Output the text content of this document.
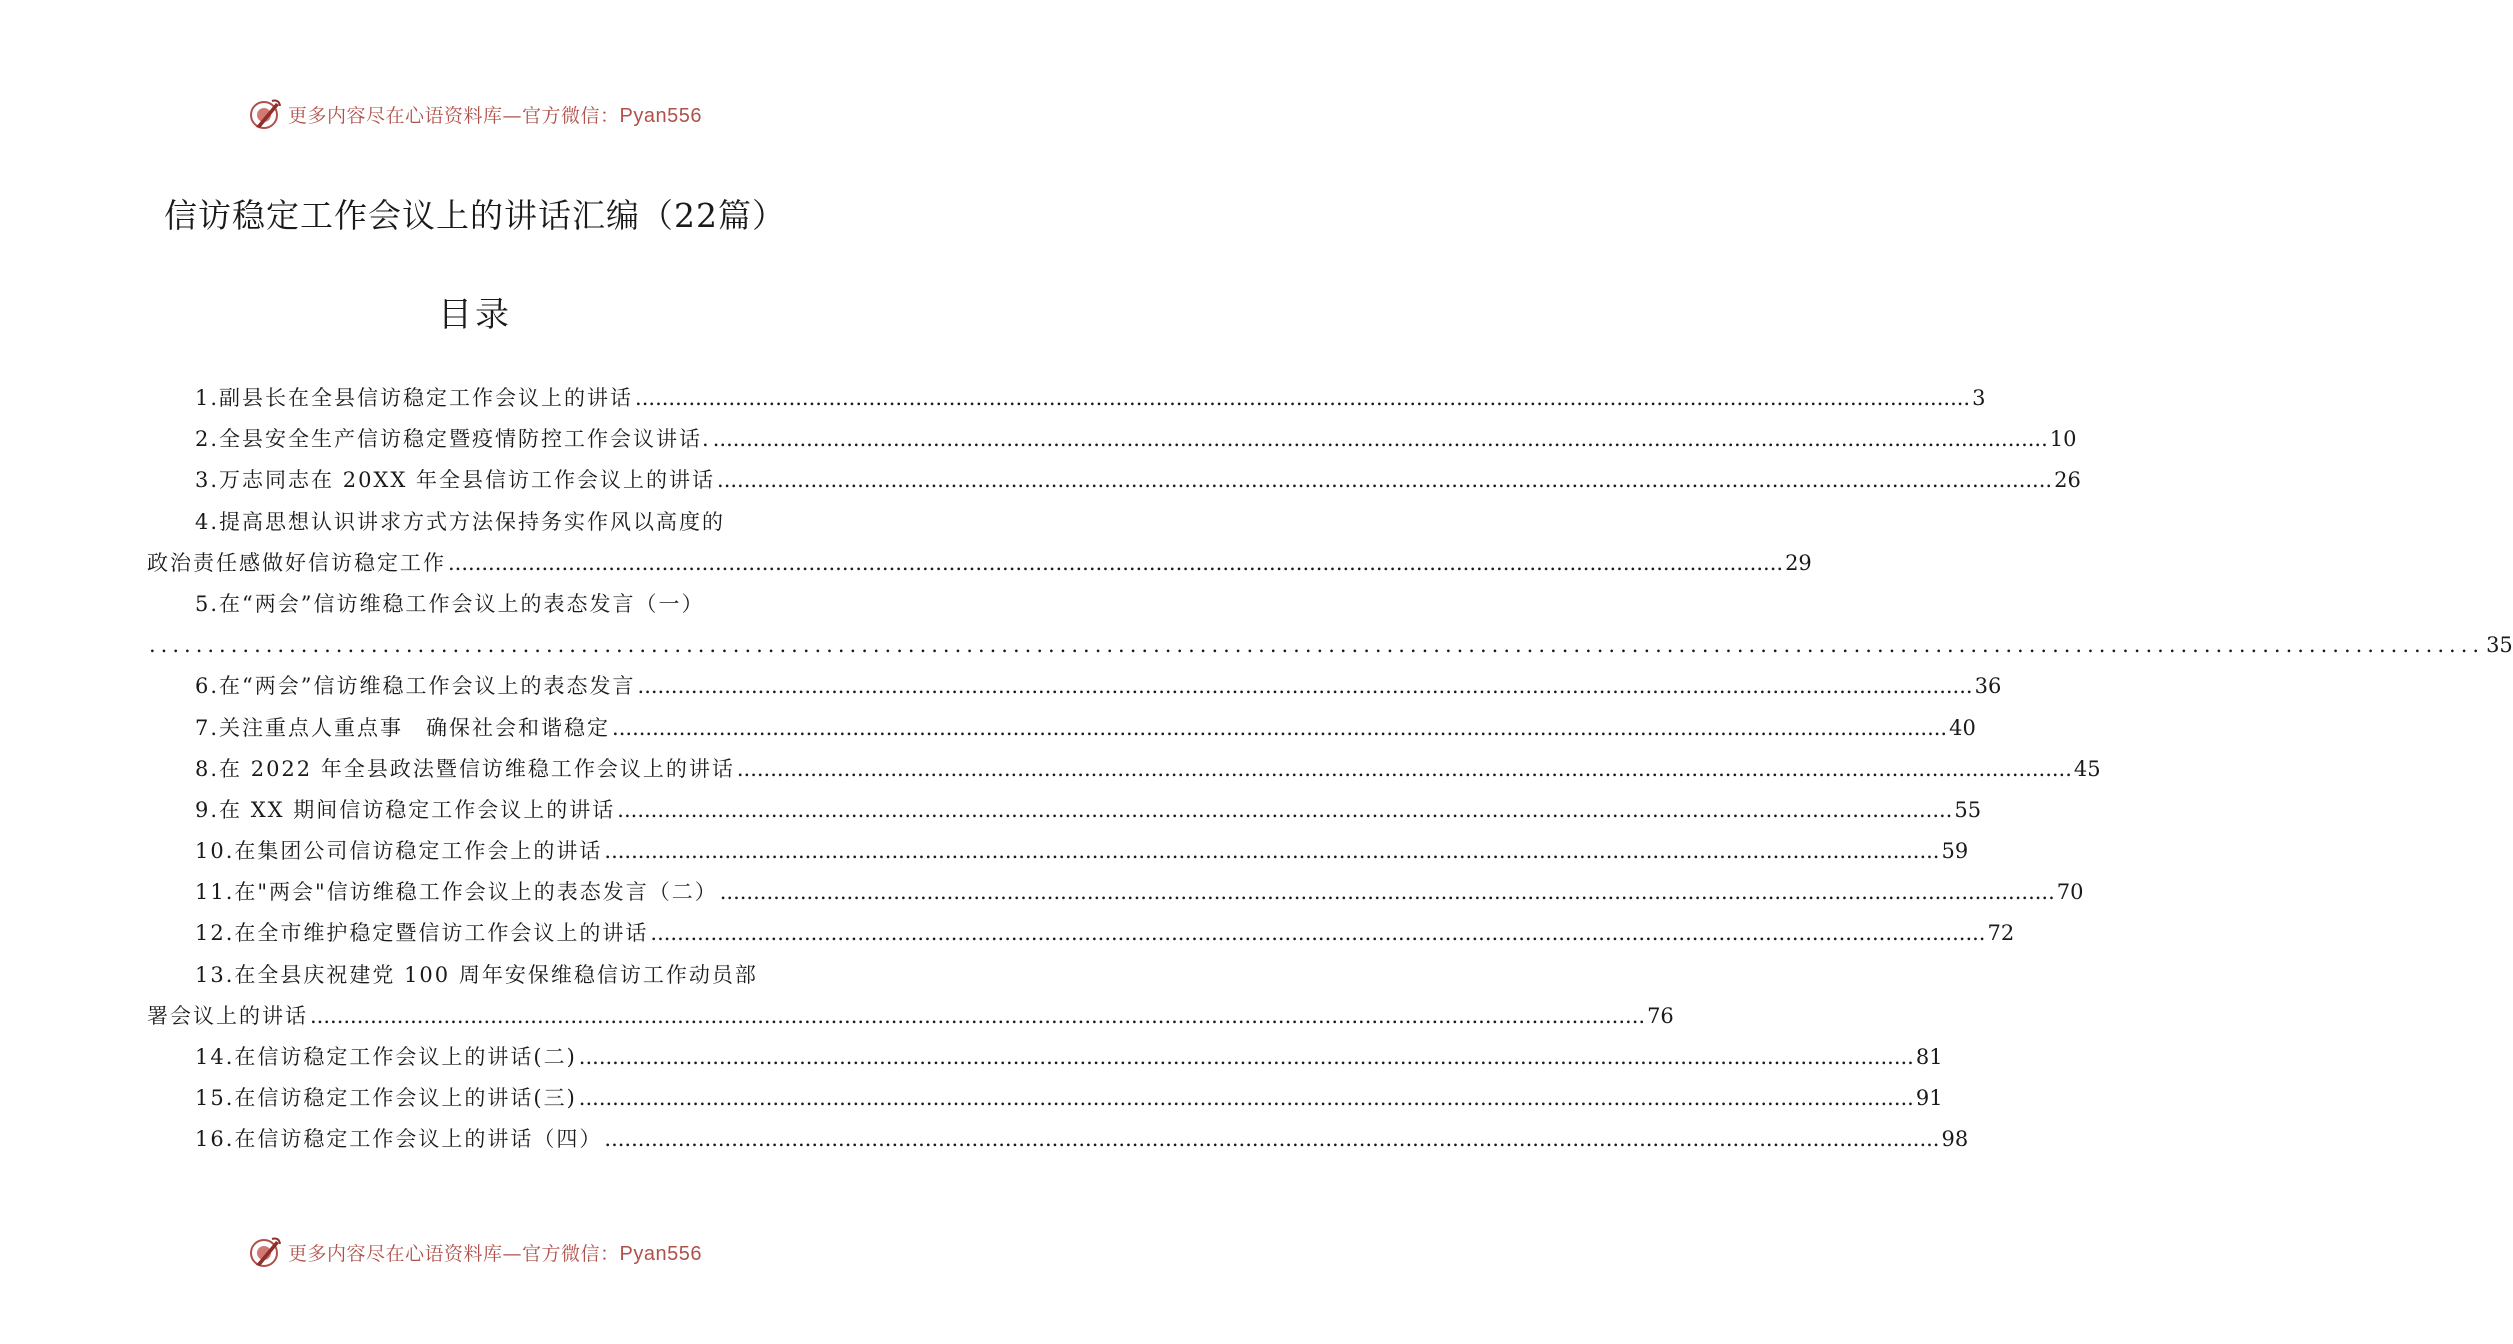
更多内容尽在心语资料库—官方微信：Pyan556
信访稳定工作会议上的讲话汇编（22篇）
目录
1.副县长在全县信访稳定工作会议上的讲话 ........................................................................................................................................................................................................ 3
2.全县安全生产信访稳定暨疫情防控工作会议讲话. ........................................................................................................................................................................................................ 10
3.万志同志在 20XX 年全县信访工作会议上的讲话 ........................................................................................................................................................................................................ 26
4.提高思想认识讲求方式方法保持务实作风以高度的
政治责任感做好信访稳定工作 ........................................................................................................................................................................................................ 29
5.在“两会”信访维稳工作会议上的表态发言（一）
........................................................................................................................................................................................................ 35
6.在“两会”信访维稳工作会议上的表态发言 ........................................................................................................................................................................................................ 36
7.关注重点人重点事　确保社会和谐稳定 ........................................................................................................................................................................................................ 40
8.在 2022 年全县政法暨信访维稳工作会议上的讲话 ........................................................................................................................................................................................................ 45
9.在 XX 期间信访稳定工作会议上的讲话 ........................................................................................................................................................................................................ 55
10.在集团公司信访稳定工作会上的讲话 ........................................................................................................................................................................................................ 59
11.在"两会"信访维稳工作会议上的表态发言（二） ........................................................................................................................................................................................................ 70
12.在全市维护稳定暨信访工作会议上的讲话 ........................................................................................................................................................................................................ 72
13.在全县庆祝建党 100 周年安保维稳信访工作动员部
署会议上的讲话 ........................................................................................................................................................................................................ 76
14.在信访稳定工作会议上的讲话(二) ........................................................................................................................................................................................................ 81
15.在信访稳定工作会议上的讲话(三) ........................................................................................................................................................................................................ 91
16.在信访稳定工作会议上的讲话（四） ........................................................................................................................................................................................................ 98
更多内容尽在心语资料库—官方微信：Pyan556
